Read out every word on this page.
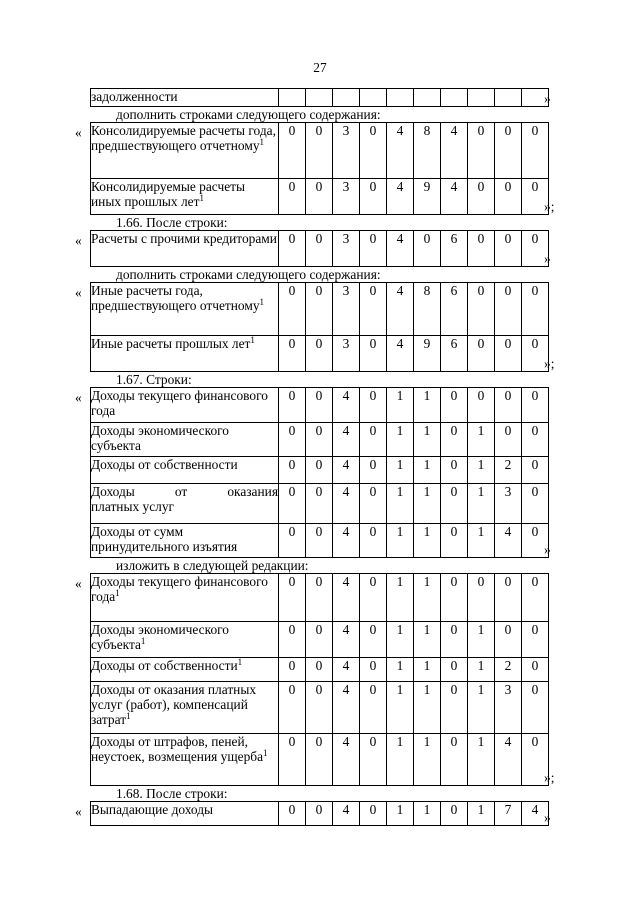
27
задолженности											»
дополнить строками следующего содержания:
« Консолидируемые расчеты года, предшествующего отчетному$^1$	0	0	3	0	4	8	4	0	0	0
Консолидируемые расчеты иных прошлых лет$^1$	0	0	3	0	4	9	4	0	0	0
»;
1.66. После строки:
« Расчеты с прочими кредиторами	0	0	3	0	4	0	6	0	0	0
»
дополнить строками следующего содержания:
« Иные расчеты года, предшествующего отчетному$^1$	0	0	3	0	4	8	6	0	0	0
Иные расчеты прошлых лет$^1$	0	0	3	0	4	9	6	0	0	0
»;
1.67. Строки:
« Доходы текущего финансового года	0	0	4	0	1	1	0	0	0	0
Доходы экономического субъекта	0	0	4	0	1	1	0	1	0	0
Доходы от собственности	0	0	4	0	1	1	0	1	2	0
Доходы от оказания
платных услуг	0	0	4	0	1	1	0	1	3	0
Доходы от сумм принудительного изъятия	0	0	4	0	1	1	0	1	4	0
»
изложить в следующей редакции:
« Доходы текущего финансового года$^1$	0	0	4	0	1	1	0	0	0	0
Доходы экономического субъекта$^1$	0	0	4	0	1	1	0	1	0	0
Доходы от собственности$^1$	0	0	4	0	1	1	0	1	2	0
Доходы от оказания платных услуг (работ), компенсаций затрат$^1$	0	0	4	0	1	1	0	1	3	0
Доходы от штрафов, пеней, неустоек, возмещения ущерба$^1$	0	0	4	0	1	1	0	1	4	0
»;
1.68. После строки:
« Выпадающие доходы	0	0	4	0	1	1	0	1	7	4
»
